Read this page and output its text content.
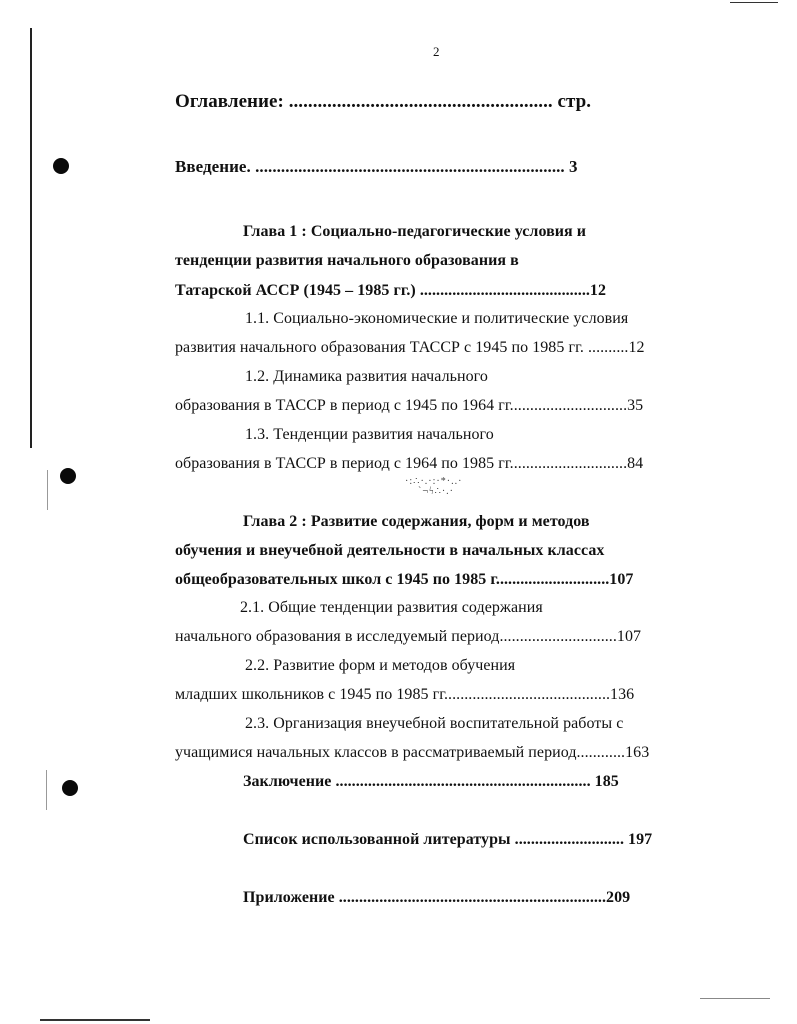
·:∴·.·:·*·..·
`¬ϟ∴·.·
2
Оглавление: ....................................................... стр.
Введение. ........................................................................ 3
Глава 1 : Социально-педагогические условия и
тенденции развития начального образования в
Татарской АССР (1945 – 1985 гг.) ..........................................12
1.1. Социально-экономические и политические условия
развития начального образования ТАССР с 1945 по 1985 гг. ..........12
1.2. Динамика развития начального
образования в ТАССР в период с 1945 по 1964 гг.............................35
1.3. Тенденции развития начального
образования в ТАССР в период с 1964 по 1985 гг.............................84
Глава 2 : Развитие содержания, форм и методов
обучения и внеучебной деятельности в начальных классах
общеобразовательных школ с 1945 по 1985 г............................107
2.1. Общие тенденции развития содержания
начального образования в исследуемый период.............................107
2.2. Развитие форм и методов обучения
младших школьников с 1945 по 1985 гг.........................................136
2.3. Организация внеучебной воспитательной работы с
учащимися начальных классов в рассматриваемый период............163
Заключение ............................................................... 185
Список использованной литературы ........................... 197
Приложение ..................................................................209
